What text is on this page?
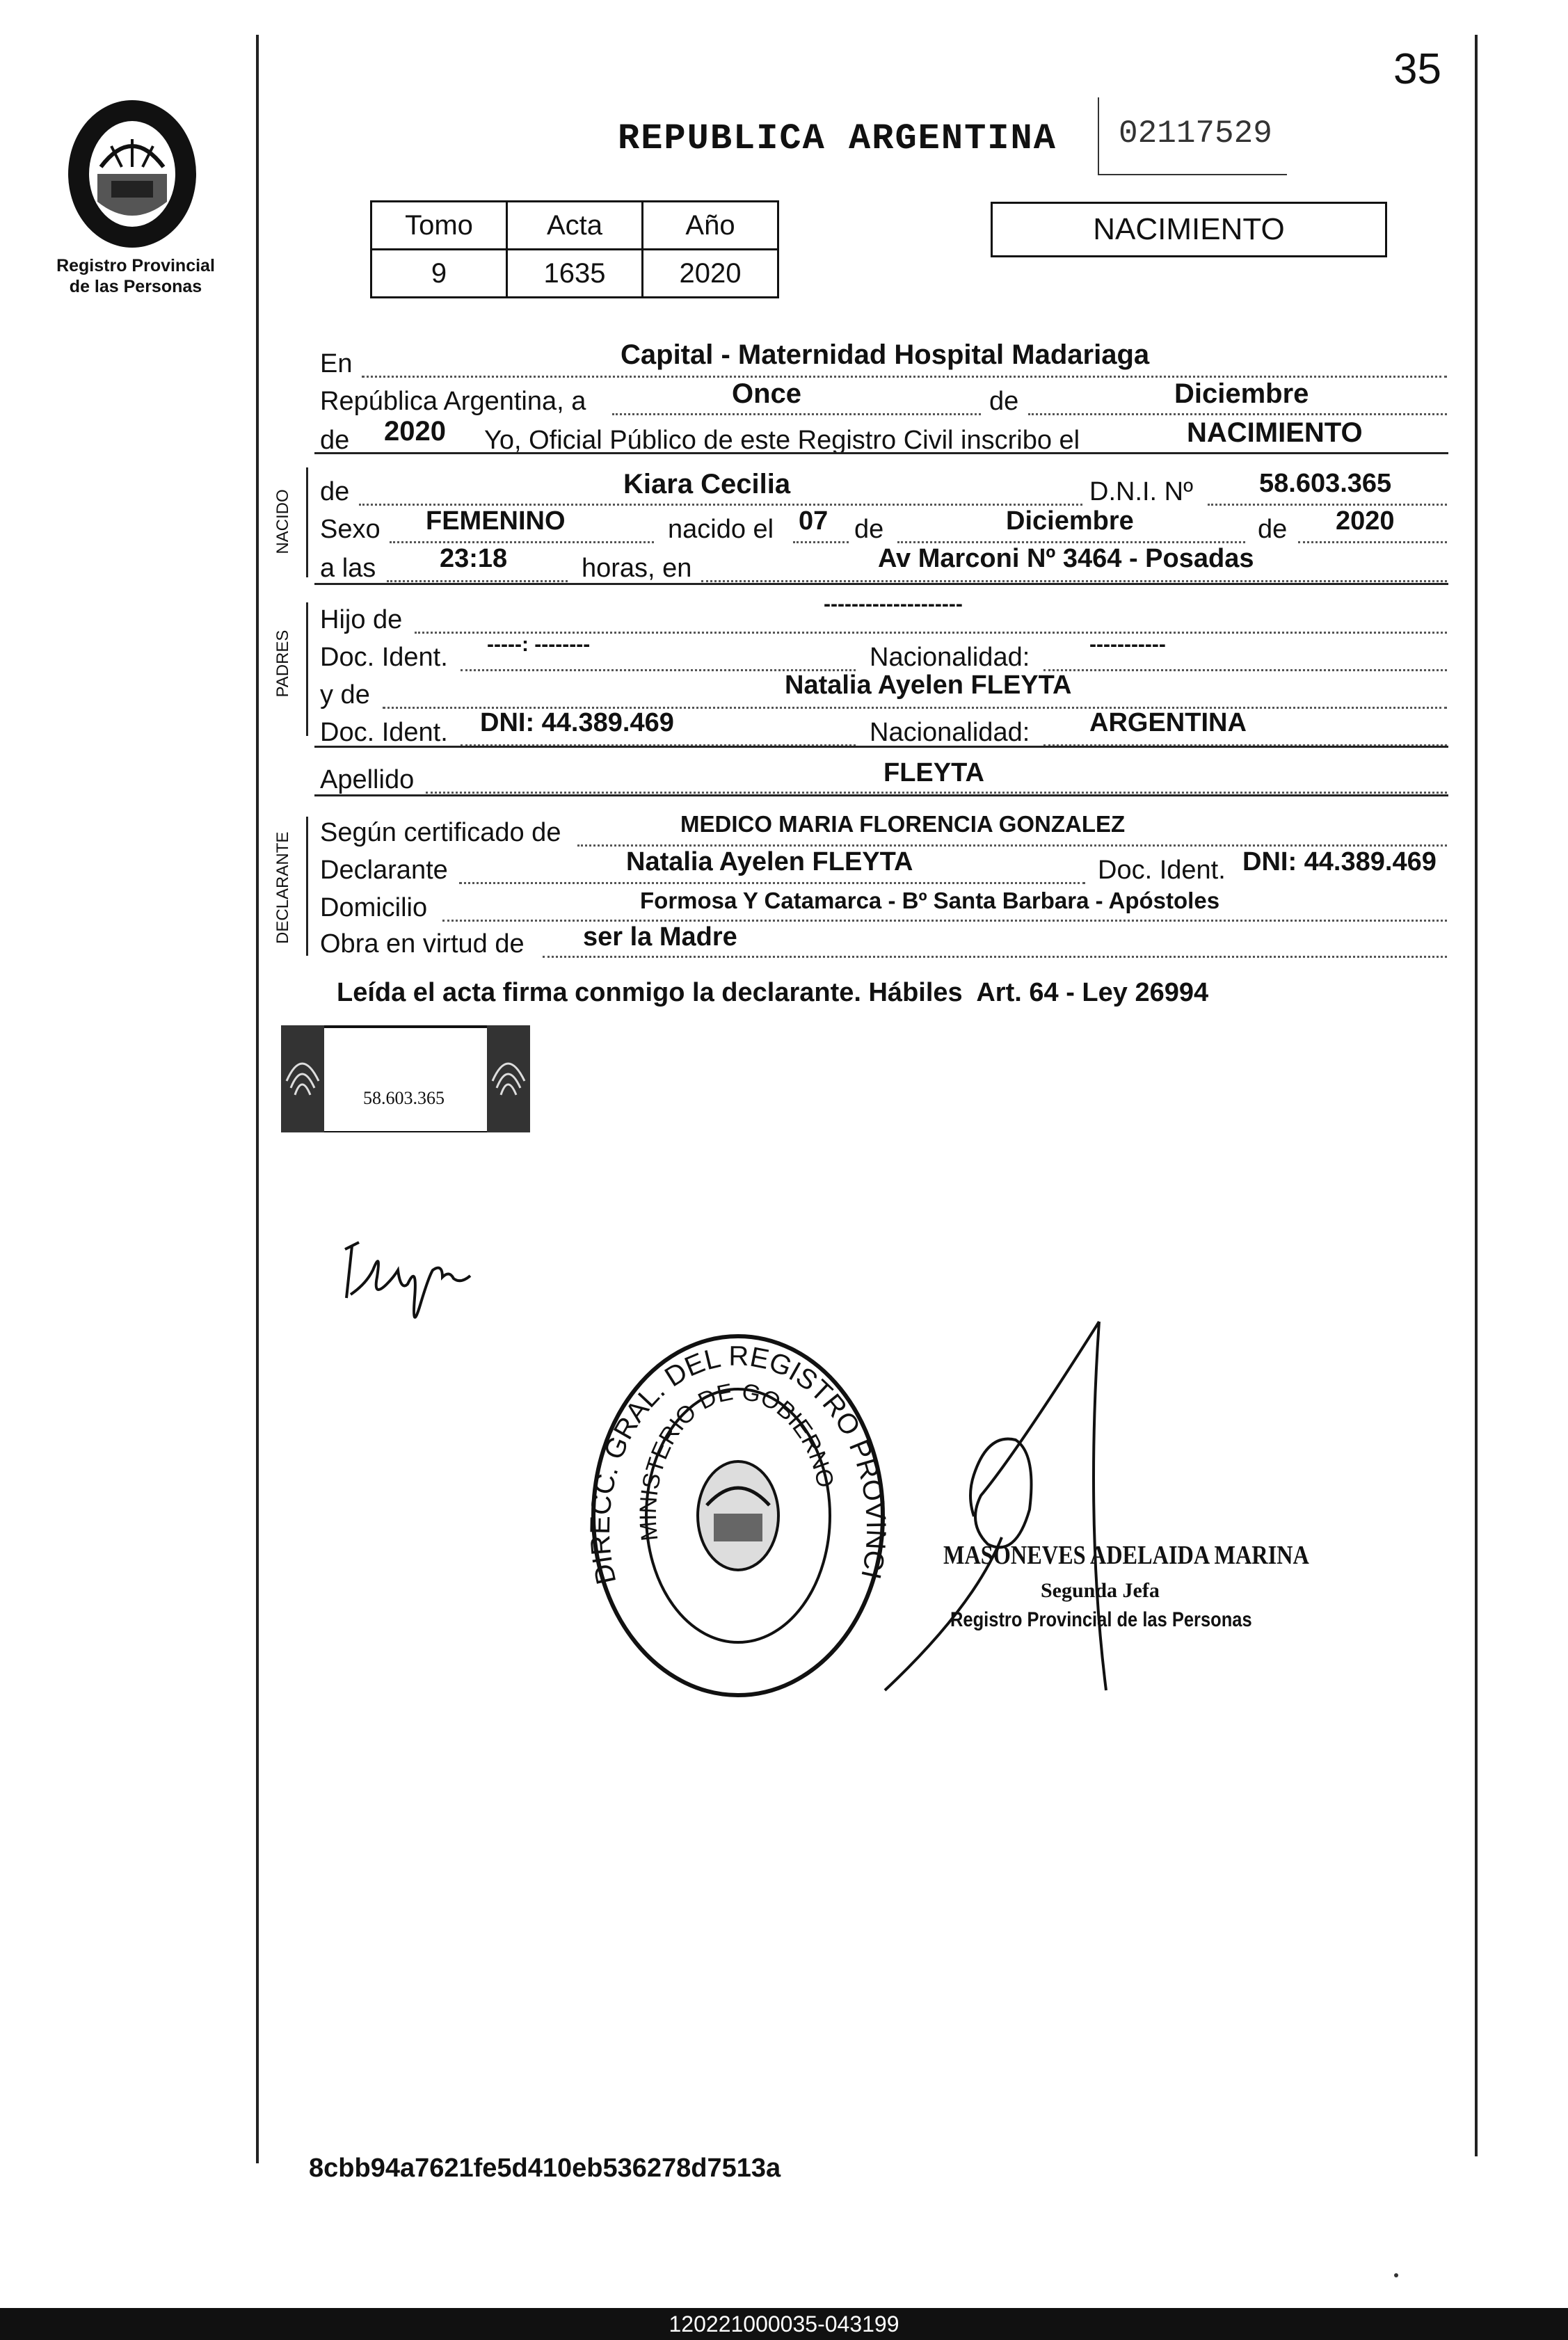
35
Registro Provincial
de las Personas
REPUBLICA ARGENTINA 02117529
Tomo	Acta	Año
9	1635	2020
NACIMIENTO
En	Capital - Maternidad Hospital Madariaga
República Argentina, a	Once	de	Diciembre
de 2020 Yo, Oficial Público de este Registro Civil inscribo el	NACIMIENTO
NACIDO de	Kiara Cecilia	D.N.I. Nº	58.603.365
Sexo FEMENINO	nacido el 07 de	Diciembre	de 2020
a las 23:18	horas, en	Av Marconi Nº 3464 - Posadas
PADRES
Hijo de
--------------------
Doc. Ident. -----: --------	Nacionalidad:	-----------
y de	Natalia Ayelen FLEYTA
Doc. Ident. DNI: 44.389.469	Nacionalidad: ARGENTINA
Apellido	FLEYTA
DECLARANTE Según certificado de	MEDICO MARIA FLORENCIA GONZALEZ
Declarante	Natalia Ayelen FLEYTA	Doc. Ident. DNI: 44.389.469
Domicilio	Formosa Y Catamarca - Bº Santa Barbara - Apóstoles
Obra en virtud de ser la Madre
Leída el acta firma conmigo la declarante. Hábiles  Art. 64 - Ley 26994
58.603.365
DI CC. GRAL. DEL REGISTRO PRO CI
MINISTERIO DE GOBIERNO
MASONEVES ADELAIDA MARINA
Segunda Jefa
Registro Provincial de las Personas
8cbb94a7621fe5d410eb536278d7513a
120221000035-043199
